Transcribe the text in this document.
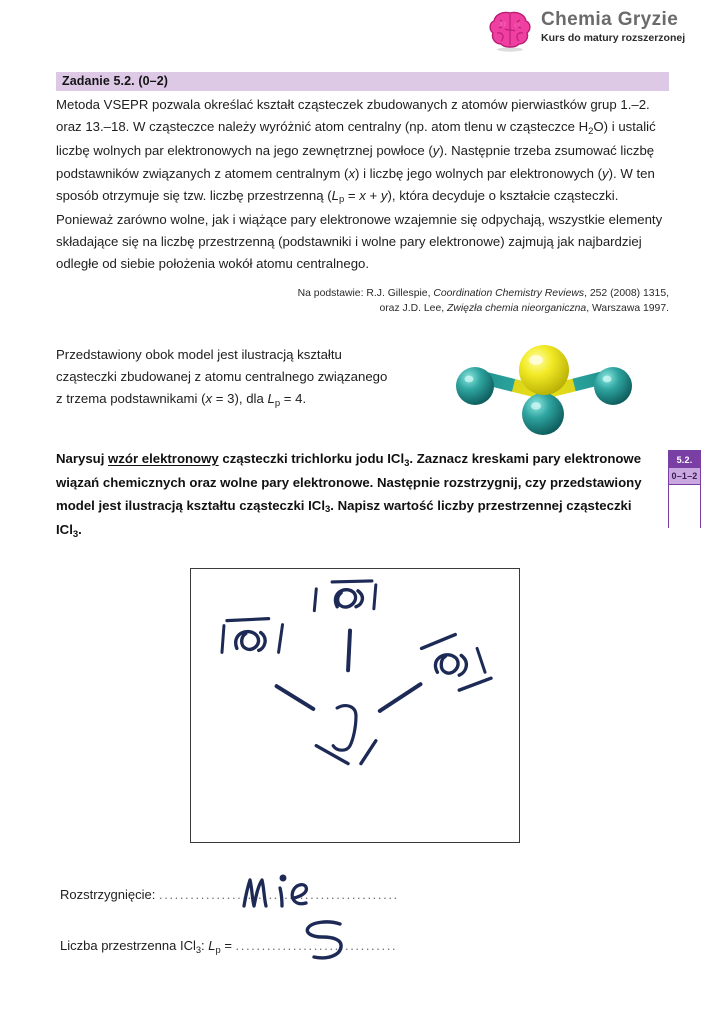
Chemia Gryzie
Kurs do matury rozszerzonej
Zadanie 5.2. (0–2)
Metoda VSEPR pozwala określać kształt cząsteczek zbudowanych z atomów pierwiastków grup 1.–2. oraz 13.–18. W cząsteczce należy wyróżnić atom centralny (np. atom tlenu w cząsteczce $H_2O$) i ustalić liczbę wolnych par elektronowych na jego zewnętrznej powłoce (y). Następnie trzeba zsumować liczbę podstawników związanych z atomem centralnym (x) i liczbę jego wolnych par elektronowych (y). W ten sposób otrzymuje się tzw. liczbę przestrzenną $(L_p = x + y)$, która decyduje o kształcie cząsteczki. Ponieważ zarówno wolne, jak i wiążące pary elektronowe wzajemnie się odpychają, wszystkie elementy składające się na liczbę przestrzenną (podstawniki i wolne pary elektronowe) zajmują jak najbardziej odległe od siebie położenia wokół atomu centralnego.
Na podstawie: R.J. Gillespie, Coordination Chemistry Reviews, 252 (2008) 1315,
oraz J.D. Lee, Zwięzła chemia nieorganiczna, Warszawa 1997.
Przedstawiony obok model jest ilustracją kształtu
cząsteczki zbudowanej z atomu centralnego związanego
z trzema podstawnikami (x = 3), dla $L_p = 4$.
Narysuj wzór elektronowy cząsteczki trichlorku jodu ICl$_3$. Zaznacz kreskami pary elektronowe wiązań chemicznych oraz wolne pary elektronowe. Następnie rozstrzygnij, czy przedstawiony model jest ilustracją kształtu cząsteczki ICl$_3$. Napisz wartość liczby przestrzennej cząsteczki ICl$_3$.
5.2.
0–1–2
Rozstrzygnięcie: ..............................................
Liczba przestrzenna ICl$_3$: $L_p$ = ...............................
